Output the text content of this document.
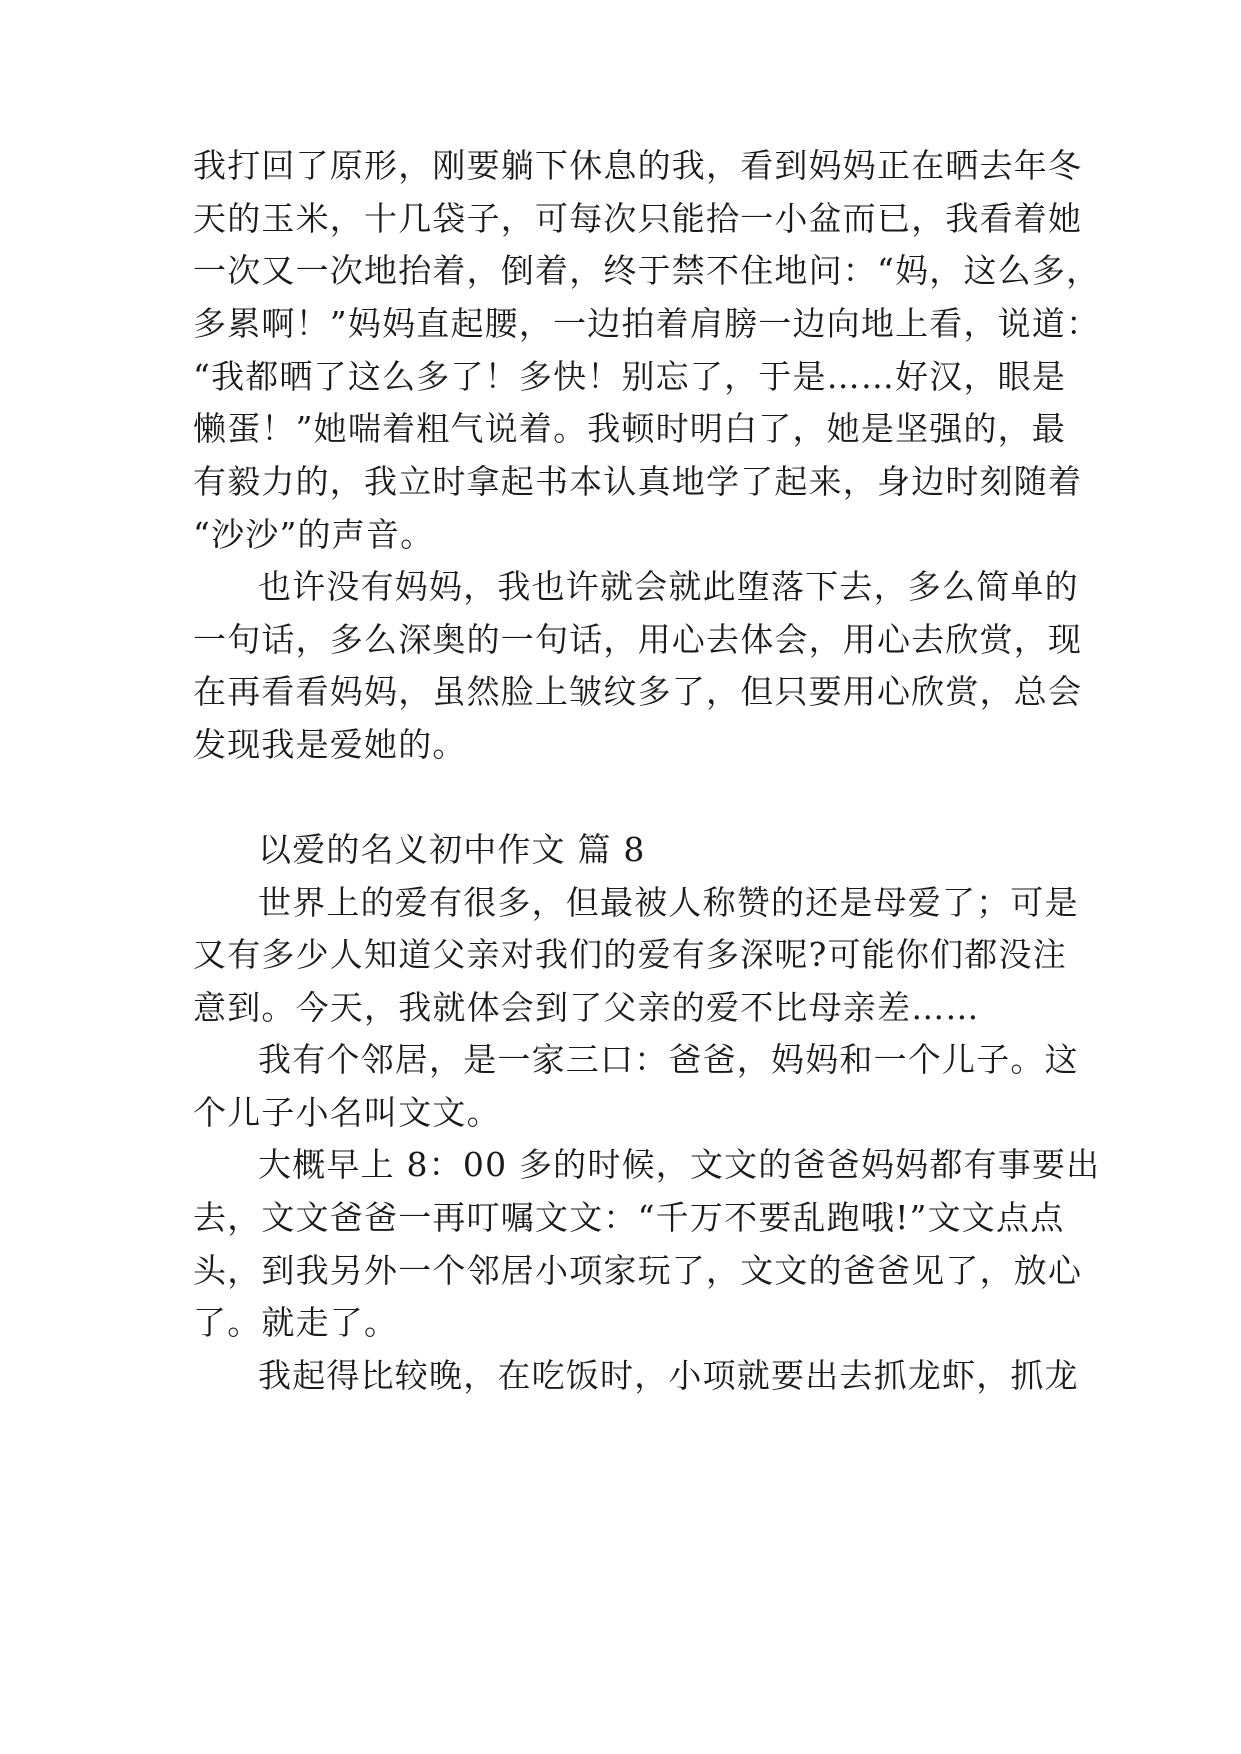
我打回了原形，刚要躺下休息的我，看到妈妈正在晒去年冬
天的玉米，十几袋子，可每次只能拾一小盆而已，我看着她
一次又一次地抬着，倒着，终于禁不住地问：“妈，这么多，
多累啊！”妈妈直起腰，一边拍着肩膀一边向地上看，说道：
“我都晒了这么多了！多快！别忘了，于是……好汉，眼是
懒蛋！”她喘着粗气说着。我顿时明白了，她是坚强的，最
有毅力的，我立时拿起书本认真地学了起来，身边时刻随着
“沙沙”的声音。
也许没有妈妈，我也许就会就此堕落下去，多么简单的
一句话，多么深奥的一句话，用心去体会，用心去欣赏，现
在再看看妈妈，虽然脸上皱纹多了，但只要用心欣赏，总会
发现我是爱她的。
以爱的名义初中作文 篇 8
世界上的爱有很多，但最被人称赞的还是母爱了；可是
又有多少人知道父亲对我们的爱有多深呢?可能你们都没注
意到。今天，我就体会到了父亲的爱不比母亲差……
我有个邻居，是一家三口：爸爸，妈妈和一个儿子。这
个儿子小名叫文文。
大概早上 8：00 多的时候，文文的爸爸妈妈都有事要出
去，文文爸爸一再叮嘱文文：“千万不要乱跑哦!”文文点点
头，到我另外一个邻居小项家玩了，文文的爸爸见了，放心
了。就走了。
我起得比较晚，在吃饭时，小项就要出去抓龙虾，抓龙
